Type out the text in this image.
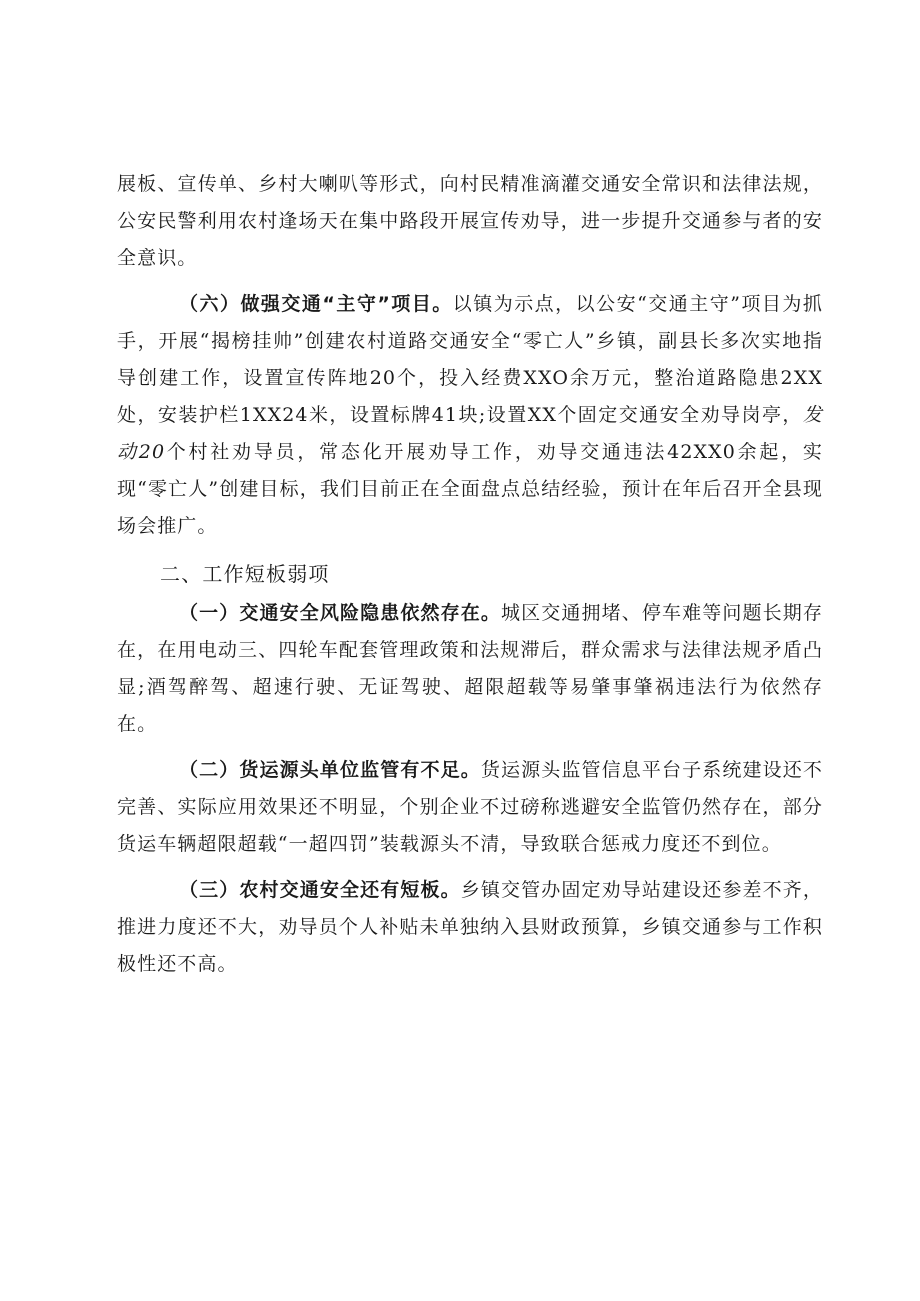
展板、宣传单、乡村大喇叭等形式，向村民精准滴灌交通安全常识和法律法规，公安民警利用农村逢场天在集中路段开展宣传劝导，进一步提升交通参与者的安全意识。

（六）做强交通“主守”项目。以镇为示点，以公安“交通主守”项目为抓手，开展“揭榜挂帅”创建农村道路交通安全“零亡人”乡镇，副县长多次实地指导创建工作，设置宣传阵地20个，投入经费XXO余万元，整治道路隐患2XX处，安装护栏1XX24米，设置标牌41块;设置XX个固定交通安全劝导岗亭，发动20个村社劝导员，常态化开展劝导工作，劝导交通违法42XX0余起，实现“零亡人”创建目标，我们目前正在全面盘点总结经验，预计在年后召开全县现场会推广。

二、工作短板弱项

（一）交通安全风险隐患依然存在。城区交通拥堵、停车难等问题长期存在，在用电动三、四轮车配套管理政策和法规滞后，群众需求与法律法规矛盾凸显;酒驾醉驾、超速行驶、无证驾驶、超限超载等易肇事肇祸违法行为依然存在。

（二）货运源头单位监管有不足。货运源头监管信息平台子系统建设还不完善、实际应用效果还不明显，个别企业不过磅称逃避安全监管仍然存在，部分货运车辆超限超载“一超四罚”装载源头不清，导致联合惩戒力度还不到位。

（三）农村交通安全还有短板。乡镇交管办固定劝导站建设还参差不齐，推进力度还不大，劝导员个人补贴未单独纳入县财政预算，乡镇交通参与工作积极性还不高。
